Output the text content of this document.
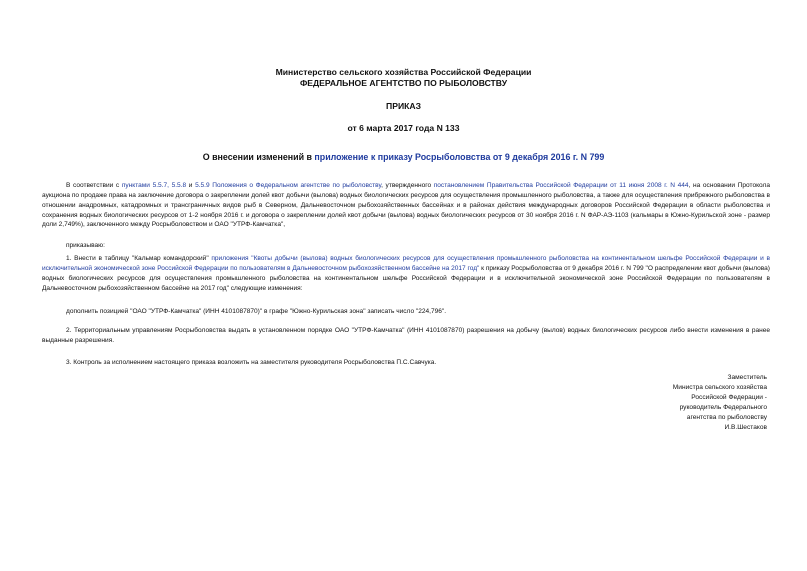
Министерство сельского хозяйства Российской Федерации
ФЕДЕРАЛЬНОЕ АГЕНТСТВО ПО РЫБОЛОВСТВУ
ПРИКАЗ
от 6 марта 2017 года N 133
О внесении изменений в приложение к приказу Росрыболовства от 9 декабря 2016 г. N 799
В соответствии с пунктами 5.5.7, 5.5.8 и 5.5.9 Положения о Федеральном агентстве по рыболовству, утвержденного постановлением Правительства Российской Федерации от 11 июня 2008 г. N 444, на основании Протокола аукциона по продаже права на заключение договора о закреплении долей квот добычи (вылова) водных биологических ресурсов для осуществления промышленного рыболовства, а также для осуществления прибрежного рыболовства в отношении анадромных, катадромных и трансграничных видов рыб в Северном, Дальневосточном рыбохозяйственных бассейнах и в районах действия международных договоров Российской Федерации в области рыболовства и сохранения водных биологических ресурсов от 1-2 ноября 2016 г. и договора о закреплении долей квот добычи (вылова) водных биологических ресурсов от 30 ноября 2016 г. N ФАР-АЭ-1103 (кальмары в Южно-Курильской зоне - размер доли 2,749%), заключенного между Росрыболовством и ОАО "УТРФ-Камчатка",
приказываю:
1. Внести в таблицу "Кальмар командорский" приложения "Квоты добычи (вылова) водных биологических ресурсов для осуществления промышленного рыболовства на континентальном шельфе Российской Федерации и в исключительной экономической зоне Российской Федерации по пользователям в Дальневосточном рыбохозяйственном бассейне на 2017 год" к приказу Росрыболовства от 9 декабря 2016 г. N 799 "О распределении квот добычи (вылова) водных биологических ресурсов для осуществления промышленного рыболовства на континентальном шельфе Российской Федерации и в исключительной экономической зоне Российской Федерации по пользователям в Дальневосточном рыбохозяйственном бассейне на 2017 год" следующие изменения:
дополнить позицией "ОАО "УТРФ-Камчатка" (ИНН 4101087870)" в графе "Южно-Курильская зона" записать число "224,796".
2. Территориальным управлениям Росрыболовства выдать в установленном порядке ОАО "УТРФ-Камчатка" (ИНН 4101087870) разрешения на добычу (вылов) водных биологических ресурсов либо внести изменения в ранее выданные разрешения.
3. Контроль за исполнением настоящего приказа возложить на заместителя руководителя Росрыболовства П.С.Савчука.
Заместитель
Министра сельского хозяйства
Российской Федерации -
руководитель Федерального
агентства по рыболовству
И.В.Шестаков
